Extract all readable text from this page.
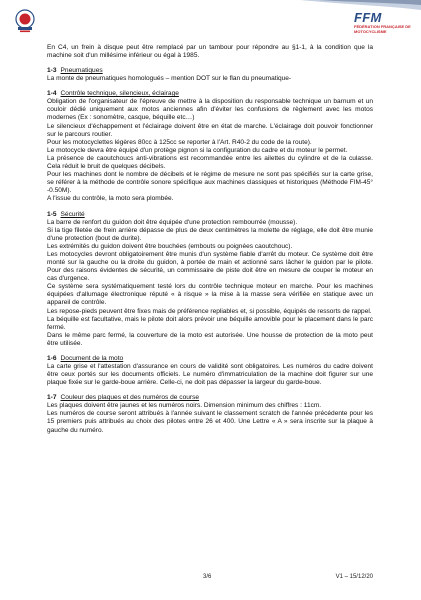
FFM
FÉDÉRATION FRANÇAISE DE MOTOCYCLISME

En C4, un frein à disque peut être remplacé par un tambour pour répondre au §1-1, à la condition que la machine soit d'un millésime inférieur ou égal à 1985.

1-3 Pneumatiques

La monte de pneumatiques homologués – mention DOT sur le flan du pneumatique-

1-4 Contrôle technique, silencieux, éclairage

Obligation de l'organisateur de l'épreuve de mettre à la disposition du responsable technique un barnum et un couloir dédié uniquement aux motos anciennes afin d'éviter les confusions de règlement avec les motos modernes (Ex : sonomètre, casque, béquille etc…)

Le silencieux d'échappement et l'éclairage doivent être en état de marche. L'éclairage doit pouvoir fonctionner sur le parcours routier.

Pour les motocyclettes légères 80cc à 125cc se reporter à l'Art. R40-2 du code de la route).

Le motocycle devra être équipé d'un protège pignon si la configuration du cadre et du moteur le permet.

La présence de caoutchoucs anti-vibrations est recommandée entre les ailettes du cylindre et de la culasse. Cela réduit le bruit de quelques décibels.

Pour les machines dont le nombre de décibels et le régime de mesure ne sont pas spécifiés sur la carte grise, se référer à la méthode de contrôle sonore spécifique aux machines classiques et historiques (Méthode FIM-45° -0.50M).

A l'issue du contrôle, la moto sera plombée.

1-5 Sécurité

La barre de renfort du guidon doit être équipée d'une protection rembourrée (mousse).

Si la tige filetée de frein arrière dépasse de plus de deux centimètres la molette de réglage, elle doit être munie d'une protection (bout de durite).

Les extrémités du guidon doivent être bouchées (embouts ou poignées caoutchouc).

Les motocycles devront obligatoirement être munis d'un système fiable d'arrêt du moteur. Ce système doit être monté sur la gauche ou la droite du guidon, à portée de main et actionné sans lâcher le guidon par le pilote. Pour des raisons évidentes de sécurité, un commissaire de piste doit être en mesure de couper le moteur en cas d'urgence.

Ce système sera systématiquement testé lors du contrôle technique moteur en marche. Pour les machines équipées d'allumage électronique réputé « à risque » la mise à la masse sera vérifiée en statique avec un appareil de contrôle.

Les repose-pieds peuvent être fixes mais de préférence repliables et, si possible, équipés de ressorts de rappel.

La béquille est facultative, mais le pilote doit alors prévoir une béquille amovible pour le placement dans le parc fermé.

Dans le même parc fermé, la couverture de la moto est autorisée. Une housse de protection de la moto peut être utilisée.

1-6 Document de la moto

La carte grise et l'attestation d'assurance en cours de validité sont obligatoires. Les numéros du cadre doivent être ceux portés sur les documents officiels. Le numéro d'immatriculation de la machine doit figurer sur une plaque fixée sur le garde-boue arrière. Celle-ci, ne doit pas dépasser la largeur du garde-boue.

1-7 Couleur des plaques et des numéros de course

Les plaques doivent être jaunes et les numéros noirs. Dimension minimum des chiffres : 11cm.

Les numéros de course seront attribués à l'année suivant le classement scratch de l'année précédente pour les 15 premiers puis attribués au choix des pilotes entre 26 et 400. Une Lettre « A » sera inscrite sur la plaque à gauche du numéro.

3/6	V1 – 15/12/20
